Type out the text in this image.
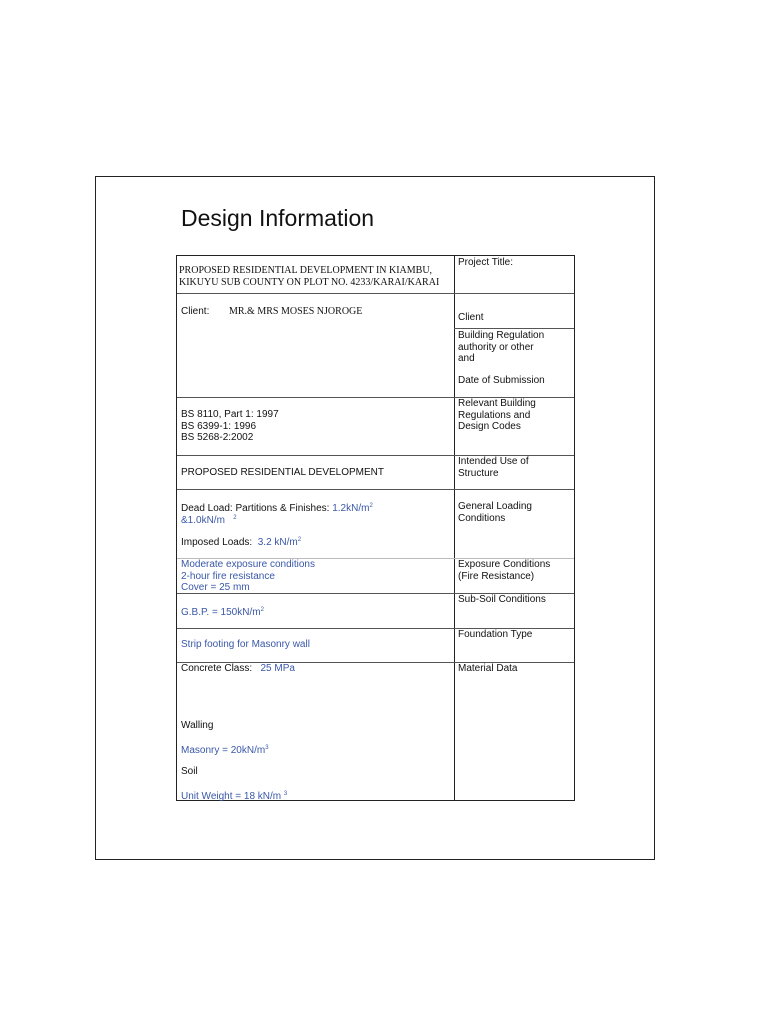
Design Information
PROPOSED RESIDENTIAL DEVELOPMENT IN KIAMBU,
KIKUYU SUB COUNTY ON PLOT NO. 4233/KARAI/KARAI
Project Title:
Client: MR.& MRS MOSES NJOROGE
Client
Building Regulation
authority or other
and
Date of Submission
BS 8110, Part 1: 1997
BS 6399-1: 1996
BS 5268-2:2002
Relevant Building
Regulations and
Design Codes
PROPOSED RESIDENTIAL DEVELOPMENT
Intended Use of
Structure
Dead Load: Partitions & Finishes: $1.2kN/m^2$
&1.0kN/m $^2$
Imposed Loads: 3.2 $kN/m^2$
General Loading
Conditions
Moderate exposure conditions
2-hour fire resistance
Cover = 25 mm
Exposure Conditions
(Fire Resistance)
G.B.P. = $150kN/m^2$
Sub-Soil Conditions
Strip footing for Masonry wall
Foundation Type
Concrete Class: 25 MPa
Walling
Masonry = $20kN/m^3$
Soil
Unit Weight = 18 kN/m $^3$
Material Data
